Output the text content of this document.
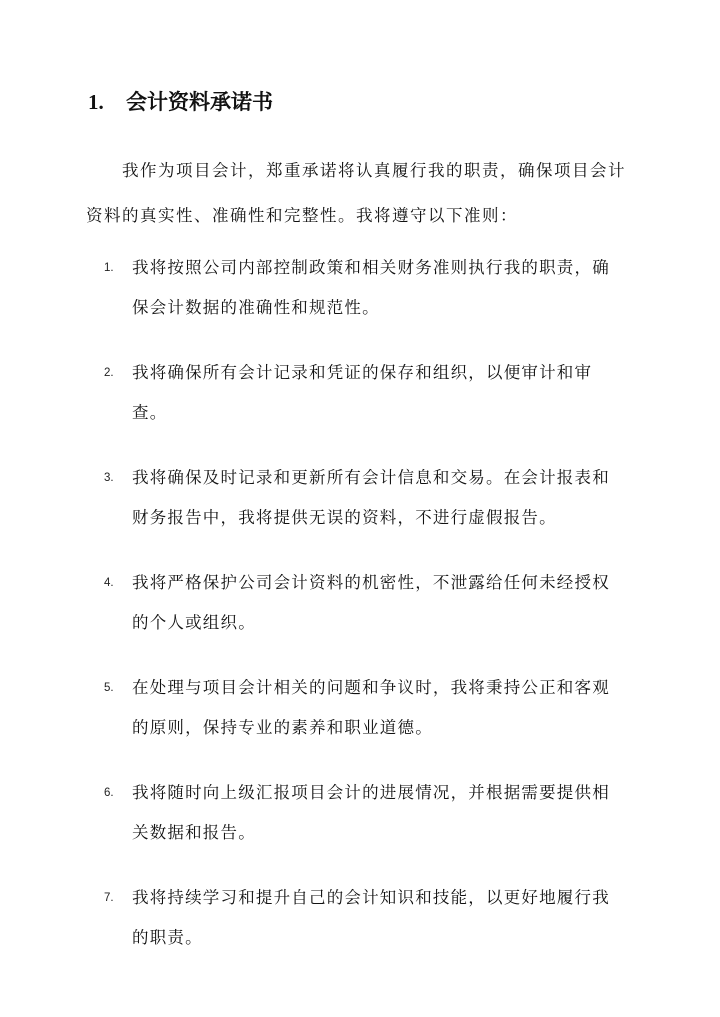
1. 会计资料承诺书
我作为项目会计，郑重承诺将认真履行我的职责，确保项目会计资料的真实性、准确性和完整性。我将遵守以下准则：
1.	我将按照公司内部控制政策和相关财务准则执行我的职责，确保会计数据的准确性和规范性。
2.	我将确保所有会计记录和凭证的保存和组织，以便审计和审查。
3.	我将确保及时记录和更新所有会计信息和交易。在会计报表和财务报告中，我将提供无误的资料，不进行虚假报告。
4.	我将严格保护公司会计资料的机密性，不泄露给任何未经授权的个人或组织。
5.	在处理与项目会计相关的问题和争议时，我将秉持公正和客观的原则，保持专业的素养和职业道德。
6.	我将随时向上级汇报项目会计的进展情况，并根据需要提供相关数据和报告。
7.	我将持续学习和提升自己的会计知识和技能，以更好地履行我的职责。
